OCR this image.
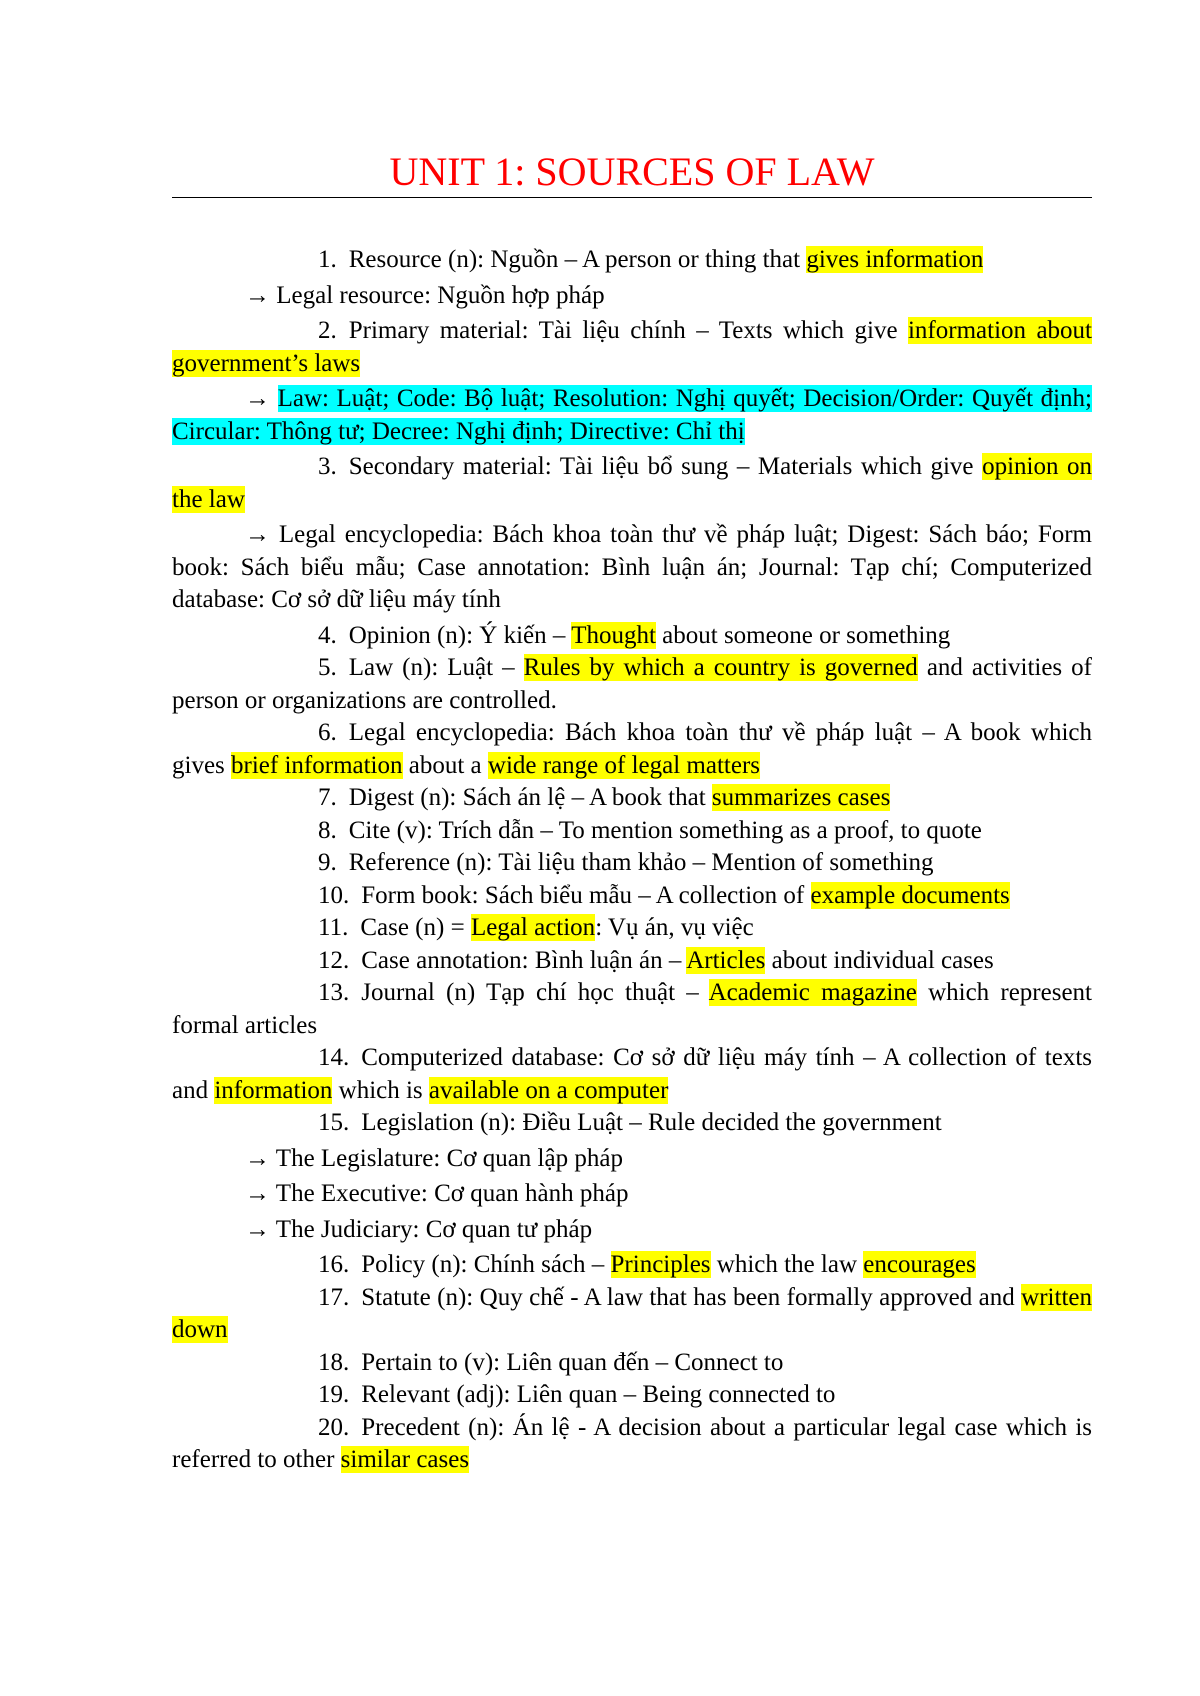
UNIT 1: SOURCES OF LAW

1. Resource (n): Nguồn – A person or thing that gives information

→ Legal resource: Nguồn hợp pháp

2. Primary material: Tài liệu chính – Texts which give information about government’s laws

→ Law: Luật; Code: Bộ luật; Resolution: Nghị quyết; Decision/Order: Quyết định; Circular: Thông tư; Decree: Nghị định; Directive: Chỉ thị

3. Secondary material: Tài liệu bổ sung – Materials which give opinion on the law

→ Legal encyclopedia: Bách khoa toàn thư về pháp luật; Digest: Sách báo; Form book: Sách biểu mẫu; Case annotation: Bình luận án; Journal: Tạp chí; Computerized database: Cơ sở dữ liệu máy tính

4. Opinion (n): Ý kiến – Thought about someone or something

5. Law (n): Luật – Rules by which a country is governed and activities of person or organizations are controlled.

6. Legal encyclopedia: Bách khoa toàn thư về pháp luật – A book which gives brief information about a wide range of legal matters

7. Digest (n): Sách án lệ – A book that summarizes cases

8. Cite (v): Trích dẫn – To mention something as a proof, to quote

9. Reference (n): Tài liệu tham khảo – Mention of something

10. Form book: Sách biểu mẫu – A collection of example documents

11. Case (n) = Legal action: Vụ án, vụ việc

12. Case annotation: Bình luận án – Articles about individual cases

13. Journal (n) Tạp chí học thuật – Academic magazine which represent formal articles

14. Computerized database: Cơ sở dữ liệu máy tính – A collection of texts and information which is available on a computer

15. Legislation (n): Điều Luật – Rule decided the government

→ The Legislature: Cơ quan lập pháp

→ The Executive: Cơ quan hành pháp

→ The Judiciary: Cơ quan tư pháp

16. Policy (n): Chính sách – Principles which the law encourages

17. Statute (n): Quy chế - A law that has been formally approved and written down

18. Pertain to (v): Liên quan đến – Connect to

19. Relevant (adj): Liên quan – Being connected to

20. Precedent (n): Án lệ - A decision about a particular legal case which is referred to other similar cases
